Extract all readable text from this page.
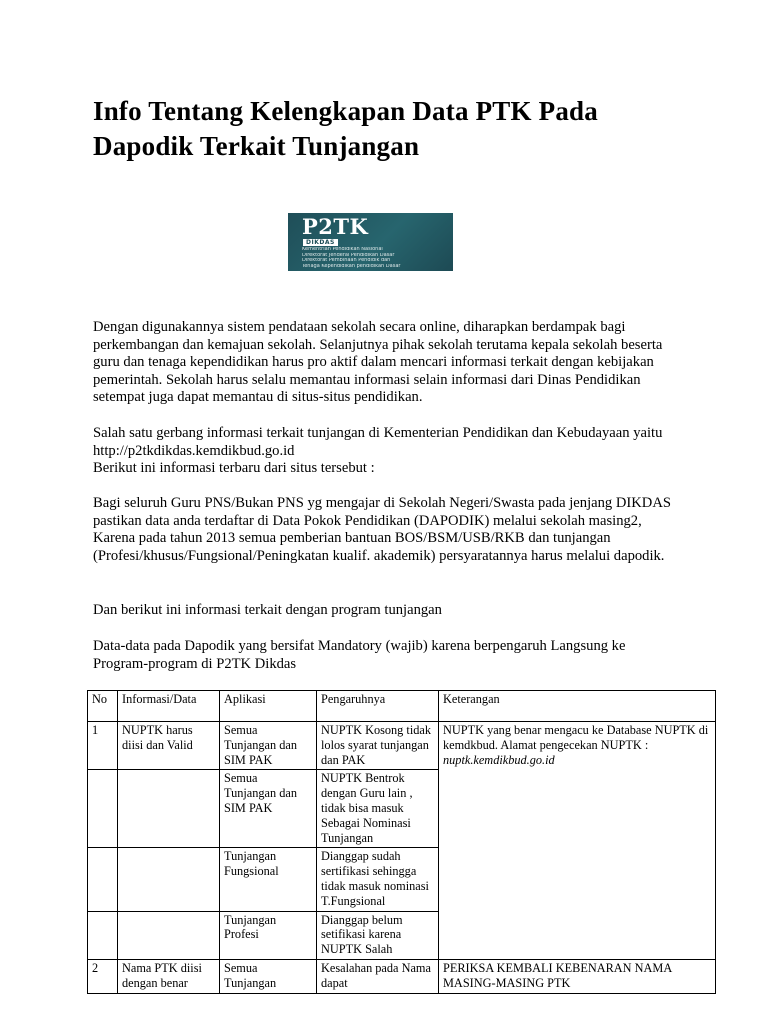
Info Tentang Kelengkapan Data PTK Pada
Dapodik Terkait Tunjangan
P2TK
DIKDAS
Kementrian Pendidikan Nasional
Direktorat Jenderal Pendidikan Dasar
Direktorat Pembinaan Pendidik dan
Tenaga Kependidikan pendidikan Dasar

Dengan digunakannya sistem pendataan sekolah secara online, diharapkan berdampak bagi perkembangan dan kemajuan sekolah. Selanjutnya pihak sekolah terutama kepala sekolah beserta guru dan tenaga kependidikan harus pro aktif dalam mencari informasi terkait dengan kebijakan pemerintah. Sekolah harus selalu memantau informasi selain informasi dari Dinas Pendidikan setempat juga dapat memantau di situs-situs pendidikan.

Salah satu gerbang informasi terkait tunjangan di Kementerian Pendidikan dan Kebudayaan yaitu http://p2tkdikdas.kemdikbud.go.id
Berikut ini informasi terbaru dari situs tersebut :

Bagi seluruh Guru PNS/Bukan PNS yg mengajar di Sekolah Negeri/Swasta pada jenjang DIKDAS pastikan data anda terdaftar di Data Pokok Pendidikan (DAPODIK) melalui sekolah masing2, Karena pada tahun 2013 semua pemberian bantuan BOS/BSM/USB/RKB dan tunjangan (Profesi/khusus/Fungsional/Peningkatan kualif. akademik) persyaratannya harus melalui dapodik.

Dan berikut ini informasi terkait dengan program tunjangan

Data-data pada Dapodik yang bersifat Mandatory (wajib) karena berpengaruh Langsung ke Program-program di P2TK Dikdas

No	Informasi/Data	Aplikasi	Pengaruhnya	Keterangan
1	NUPTK harus diisi dan Valid	Semua Tunjangan dan SIM PAK	NUPTK Kosong tidak lolos syarat tunjangan dan PAK	NUPTK yang benar mengacu ke Database NUPTK di kemdkbud. Alamat pengecekan NUPTK :
nuptk.kemdikbud.go.id
		Semua Tunjangan dan SIM PAK	NUPTK Bentrok dengan Guru lain , tidak bisa masuk Sebagai Nominasi Tunjangan	
		Tunjangan Fungsional	Dianggap sudah sertifikasi sehingga tidak masuk nominasi T.Fungsional	
		Tunjangan Profesi	Dianggap belum setifikasi karena NUPTK Salah	
2	Nama PTK diisi dengan benar	Semua Tunjangan	Kesalahan pada Nama dapat	PERIKSA KEMBALI KEBENARAN NAMA MASING-MASING PTK
